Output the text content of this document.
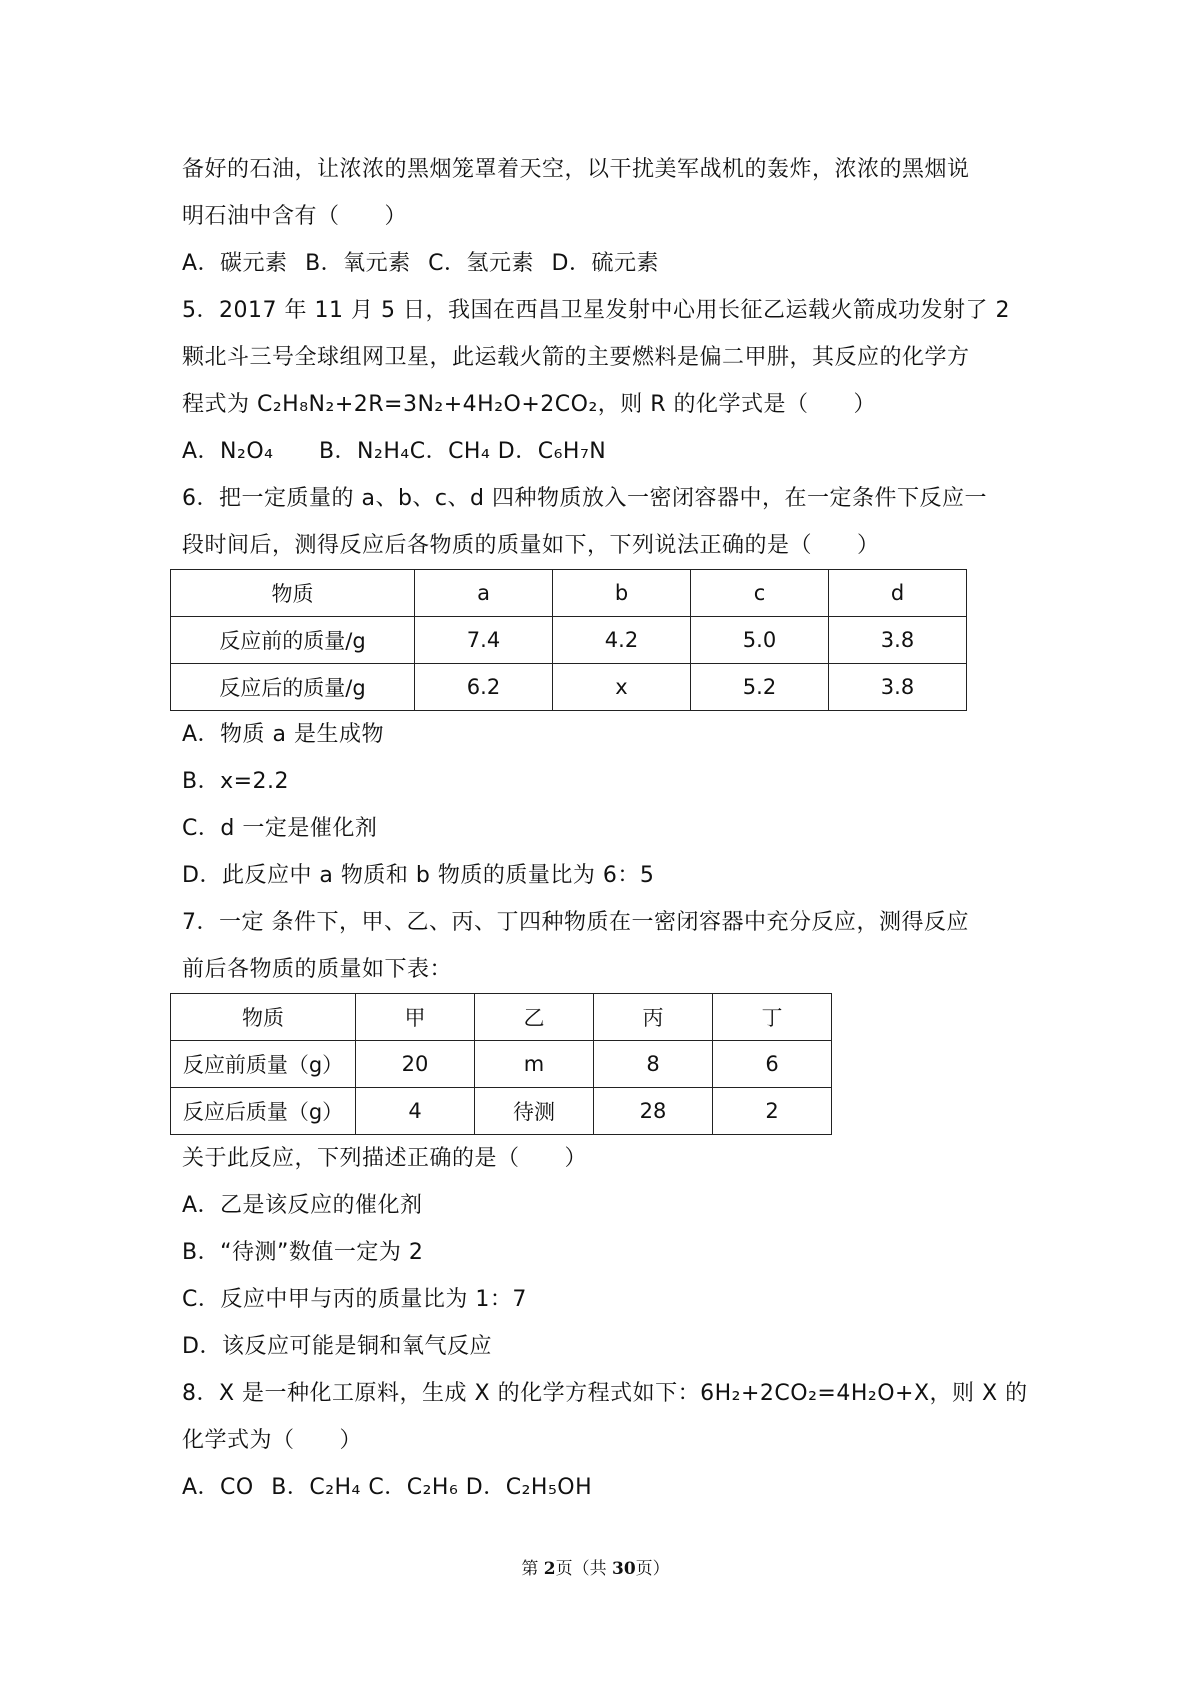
备好的石油，让浓浓的黑烟笼罩着天空，以干扰美军战机的轰炸，浓浓的黑烟说
明石油中含有（　　）
A．碳元素 B．氧元素 C．氢元素 D．硫元素
5．2017 年 11 月 5 日，我国在西昌卫星发射中心用长征乙运载火箭成功发射了 2
颗北斗三号全球组网卫星，此运载火箭的主要燃料是偏二甲肼，其反应的化学方
程式为 C₂H₈N₂+2R=3N₂+4H₂O+2CO₂，则 R 的化学式是（　　）
A．N₂O₄ B．N₂H₄C．CH₄ D．C₆H₇N
6．把一定质量的 a、b、c、d 四种物质放入一密闭容器中，在一定条件下反应一
段时间后，测得反应后各物质的质量如下，下列说法正确的是（　　）
物质	a	b	c	d
反应前的质量/g	7.4	4.2	5.0	3.8
反应后的质量/g	6.2	x	5.2	3.8
A．物质 a 是生成物
B．x=2.2
C．d 一定是催化剂
D．此反应中 a 物质和 b 物质的质量比为 6：5
7．一定 条件下，甲、乙、丙、丁四种物质在一密闭容器中充分反应，测得反应
前后各物质的质量如下表：
物质	甲	乙	丙	丁
反应前质量（g）	20	m	8	6
反应后质量（g）	4	待测	28	2
关于此反应，下列描述正确的是（　　）
A．乙是该反应的催化剂
B．“待测”数值一定为 2
C．反应中甲与丙的质量比为 1：7
D．该反应可能是铜和氧气反应
8．X 是一种化工原料，生成 X 的化学方程式如下：6H₂+2CO₂=4H₂O+X，则 X 的
化学式为（　　）
A．CO B．C₂H₄ C．C₂H₆ D．C₂H₅OH
第 2页（共 30页）
